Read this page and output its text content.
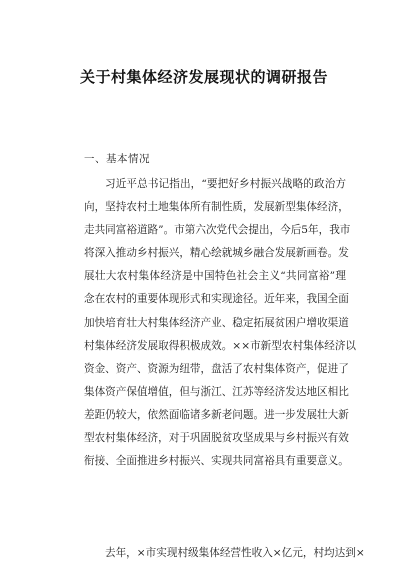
关于村集体经济发展现状的调研报告
一、基本情况
习近平总书记指出，“要把好乡村振兴战略的政治方
向，坚持农村土地集体所有制性质，发展新型集体经济，
走共同富裕道路”。市第六次党代会提出，今后5年，我市
将深入推动乡村振兴，精心绘就城乡融合发展新画卷。发
展壮大农村集体经济是中国特色社会主义“共同富裕”理
念在农村的重要体现形式和实现途径。近年来，我国全面
加快培育壮大村集体经济产业、稳定拓展贫困户增收渠道
村集体经济发展取得积极成效。××市新型农村集体经济以
资金、资产、资源为纽带，盘活了农村集体资产，促进了
集体资产保值增值，但与浙江、江苏等经济发达地区相比
差距仍较大，依然面临诸多新老问题。进一步发展壮大新
型农村集体经济，对于巩固脱贫攻坚成果与乡村振兴有效
衔接、全面推进乡村振兴、实现共同富裕具有重要意义。
去年，×市实现村级集体经营性收入×亿元，村均达到×
